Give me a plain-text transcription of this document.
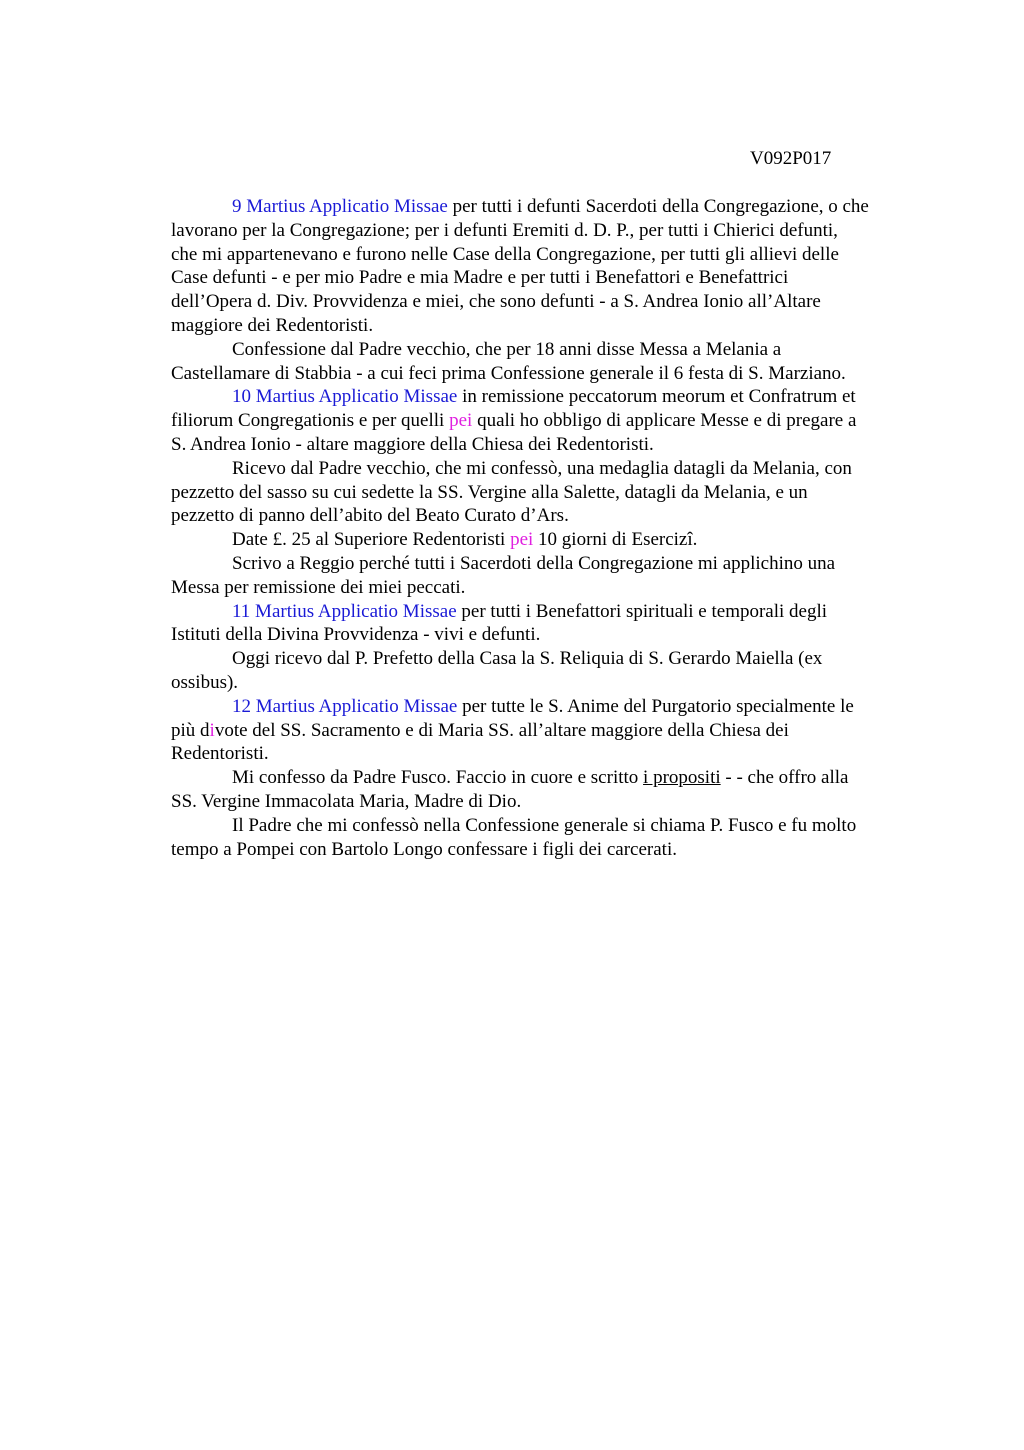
V092P017
9 Martius Applicatio Missae per tutti i defunti Sacerdoti della Congregazione, o che
lavorano per la Congregazione; per i defunti Eremiti d. D. P., per tutti i Chierici defunti,
che mi appartenevano e furono nelle Case della Congregazione, per tutti gli allievi delle
Case defunti - e per mio Padre e mia Madre e per tutti i Benefattori e Benefattrici
dell’Opera d. Div. Provvidenza e miei, che sono defunti - a S. Andrea Ionio all’Altare
maggiore dei Redentoristi.
Confessione dal Padre vecchio, che per 18 anni disse Messa a Melania a
Castellamare di Stabbia - a cui feci prima Confessione generale il 6 festa di S. Marziano.
10 Martius Applicatio Missae in remissione peccatorum meorum et Confratrum et
filiorum Congregationis e per quelli pei quali ho obbligo di applicare Messe e di pregare a
S. Andrea Ionio - altare maggiore della Chiesa dei Redentoristi.
Ricevo dal Padre vecchio, che mi confessò, una medaglia datagli da Melania, con
pezzetto del sasso su cui sedette la SS. Vergine alla Salette, datagli da Melania, e un
pezzetto di panno dell’abito del Beato Curato d’Ars.
Date £. 25 al Superiore Redentoristi pei 10 giorni di Esercizî.
Scrivo a Reggio perché tutti i Sacerdoti della Congregazione mi applichino una
Messa per remissione dei miei peccati.
11 Martius Applicatio Missae per tutti i Benefattori spirituali e temporali degli
Istituti della Divina Provvidenza - vivi e defunti.
Oggi ricevo dal P. Prefetto della Casa la S. Reliquia di S. Gerardo Maiella (ex
ossibus).
12 Martius Applicatio Missae per tutte le S. Anime del Purgatorio specialmente le
più divote del SS. Sacramento e di Maria SS. all’altare maggiore della Chiesa dei
Redentoristi.
Mi confesso da Padre Fusco. Faccio in cuore e scritto i propositi - - che offro alla
SS. Vergine Immacolata Maria, Madre di Dio.
Il Padre che mi confessò nella Confessione generale si chiama P. Fusco e fu molto
tempo a Pompei con Bartolo Longo confessare i figli dei carcerati.
